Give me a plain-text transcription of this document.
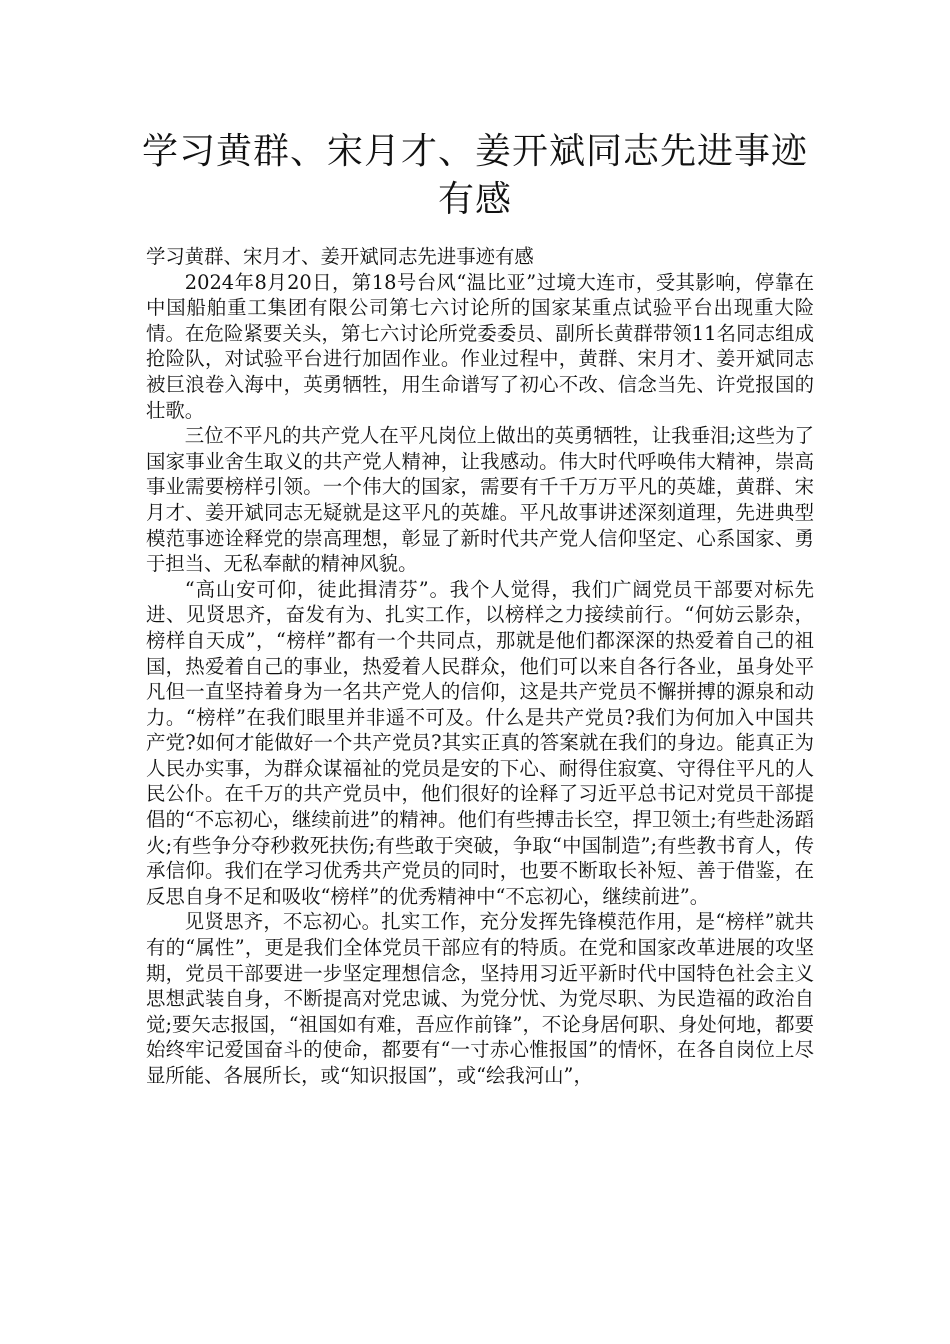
学习黄群、宋月才、姜开斌同志先进事迹有感

学习黄群、宋月才、姜开斌同志先进事迹有感

2024年8月20日，第18号台风“温比亚”过境大连市，受其影响，停靠在中国船舶重工集团有限公司第七六讨论所的国家某重点试验平台出现重大险情。在危险紧要关头，第七六讨论所党委委员、副所长黄群带领11名同志组成抢险队，对试验平台进行加固作业。作业过程中，黄群、宋月才、姜开斌同志被巨浪卷入海中，英勇牺牲，用生命谱写了初心不改、信念当先、许党报国的壮歌。

三位不平凡的共产党人在平凡岗位上做出的英勇牺牲，让我垂泪;这些为了国家事业舍生取义的共产党人精神，让我感动。伟大时代呼唤伟大精神，崇高事业需要榜样引领。一个伟大的国家，需要有千千万万平凡的英雄，黄群、宋月才、姜开斌同志无疑就是这平凡的英雄。平凡故事讲述深刻道理，先进典型模范事迹诠释党的崇高理想，彰显了新时代共产党人信仰坚定、心系国家、勇于担当、无私奉献的精神风貌。

“高山安可仰，徒此揖清芬”。我个人觉得，我们广阔党员干部要对标先进、见贤思齐，奋发有为、扎实工作，以榜样之力接续前行。“何妨云影杂，榜样自天成”，“榜样”都有一个共同点，那就是他们都深深的热爱着自己的祖国，热爱着自己的事业，热爱着人民群众，他们可以来自各行各业，虽身处平凡但一直坚持着身为一名共产党人的信仰，这是共产党员不懈拼搏的源泉和动力。“榜样”在我们眼里并非遥不可及。什么是共产党员?我们为何加入中国共产党?如何才能做好一个共产党员?其实正真的答案就在我们的身边。能真正为人民办实事，为群众谋福祉的党员是安的下心、耐得住寂寞、守得住平凡的人民公仆。在千万的共产党员中，他们很好的诠释了习近平总书记对党员干部提倡的“不忘初心，继续前进”的精神。他们有些搏击长空，捍卫领土;有些赴汤蹈火;有些争分夺秒救死扶伤;有些敢于突破，争取“中国制造”;有些教书育人，传承信仰。我们在学习优秀共产党员的同时，也要不断取长补短、善于借鉴，在反思自身不足和吸收“榜样”的优秀精神中“不忘初心，继续前进”。

见贤思齐，不忘初心。扎实工作，充分发挥先锋模范作用，是“榜样”就共有的“属性”，更是我们全体党员干部应有的特质。在党和国家改革进展的攻坚期，党员干部要进一步坚定理想信念，坚持用习近平新时代中国特色社会主义思想武装自身，不断提高对党忠诚、为党分忧、为党尽职、为民造福的政治自觉;要矢志报国，“祖国如有难，吾应作前锋”，不论身居何职、身处何地，都要始终牢记爱国奋斗的使命，都要有“一寸赤心惟报国”的情怀，在各自岗位上尽显所能、各展所长，或“知识报国”，或“绘我河山”，
